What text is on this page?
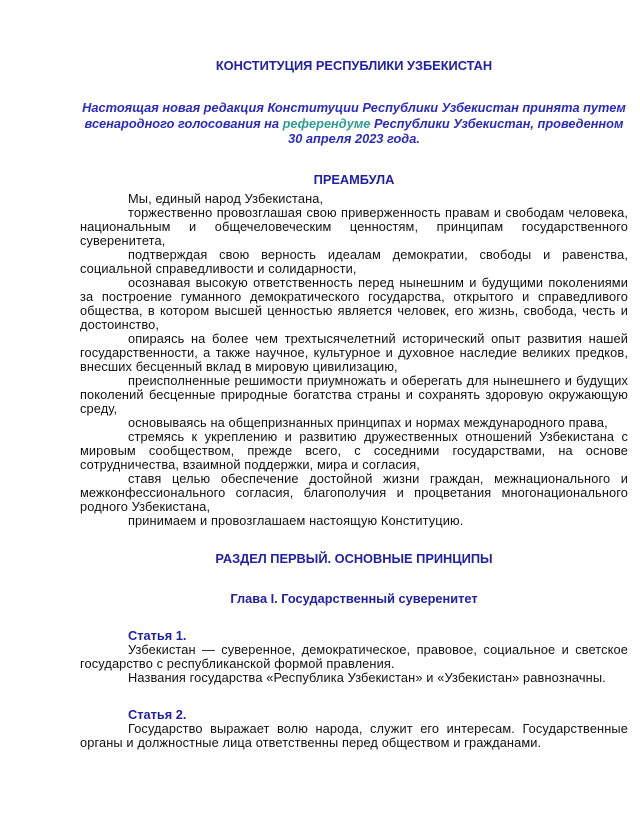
КОНСТИТУЦИЯ РЕСПУБЛИКИ УЗБЕКИСТАН

Настоящая новая редакция Конституции Республики Узбекистан принята путем всенародного голосования на референдуме Республики Узбекистан, проведенном 30 апреля 2023 года.

ПРЕАМБУЛА

Мы, единый народ Узбекистана,

торжественно провозглашая свою приверженность правам и свободам человека, национальным и общечеловеческим ценностям, принципам государственного суверенитета,

подтверждая свою верность идеалам демократии, свободы и равенства, социальной справедливости и солидарности,

осознавая высокую ответственность перед нынешним и будущими поколениями за построение гуманного демократического государства, открытого и справедливого общества, в котором высшей ценностью является человек, его жизнь, свобода, честь и достоинство,

опираясь на более чем трехтысячелетний исторический опыт развития нашей государственности, а также научное, культурное и духовное наследие великих предков, внесших бесценный вклад в мировую цивилизацию,

преисполненные решимости приумножать и оберегать для нынешнего и будущих поколений бесценные природные богатства страны и сохранять здоровую окружающую среду,

основываясь на общепризнанных принципах и нормах международного права,

стремясь к укреплению и развитию дружественных отношений Узбекистана с мировым сообществом, прежде всего, с соседними государствами, на основе сотрудничества, взаимной поддержки, мира и согласия,

ставя целью обеспечение достойной жизни граждан, межнационального и межконфессионального согласия, благополучия и процветания многонационального родного Узбекистана,

принимаем и провозглашаем настоящую Конституцию.

РАЗДЕЛ ПЕРВЫЙ. ОСНОВНЫЕ ПРИНЦИПЫ
Глава I. Государственный суверенитет

Статья 1.

Узбекистан — суверенное, демократическое, правовое, социальное и светское государство с республиканской формой правления.

Названия государства «Республика Узбекистан» и «Узбекистан» равнозначны.

Статья 2.

Государство выражает волю народа, служит его интересам. Государственные органы и должностные лица ответственны перед обществом и гражданами.
